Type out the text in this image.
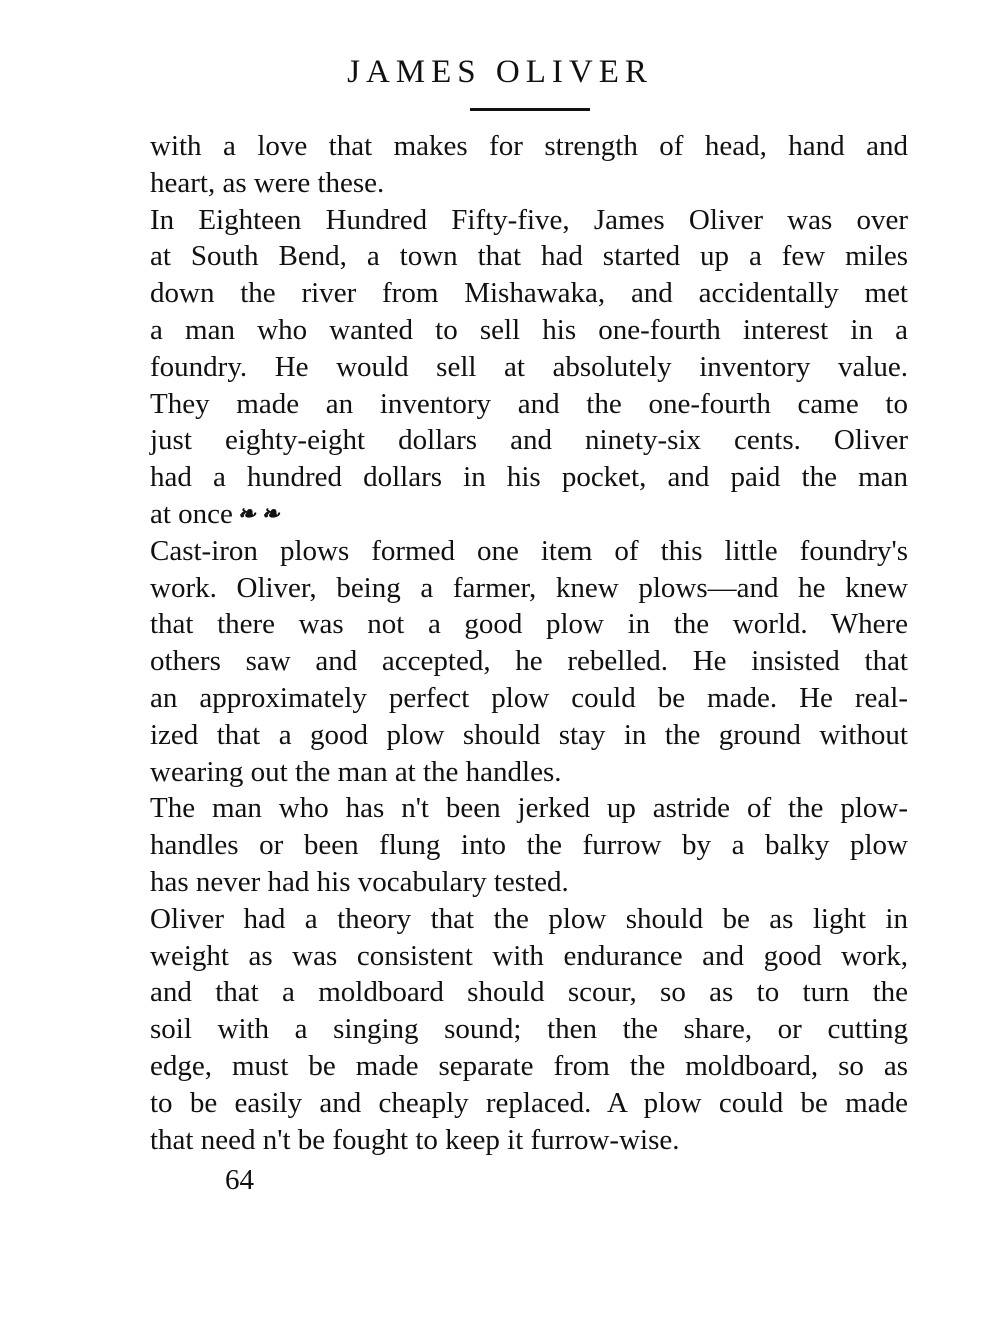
JAMES OLIVER
with a love that makes for strength of head, hand and
heart, as were these.
In Eighteen Hundred Fifty-five, James Oliver was over
at South Bend, a town that had started up a few miles
down the river from Mishawaka, and accidentally met
a man who wanted to sell his one-fourth interest in a
foundry. He would sell at absolutely inventory value.
They made an inventory and the one-fourth came to
just eighty-eight dollars and ninety-six cents. Oliver
had a hundred dollars in his pocket, and paid the man
at once ❧ ❧
Cast-iron plows formed one item of this little foundry's
work. Oliver, being a farmer, knew plows—and he knew
that there was not a good plow in the world. Where
others saw and accepted, he rebelled. He insisted that
an approximately perfect plow could be made. He real-
ized that a good plow should stay in the ground without
wearing out the man at the handles.
The man who has n't been jerked up astride of the plow-
handles or been flung into the furrow by a balky plow
has never had his vocabulary tested.
Oliver had a theory that the plow should be as light in
weight as was consistent with endurance and good work,
and that a moldboard should scour, so as to turn the
soil with a singing sound; then the share, or cutting
edge, must be made separate from the moldboard, so as
to be easily and cheaply replaced. A plow could be made
that need n't be fought to keep it furrow-wise.
64
